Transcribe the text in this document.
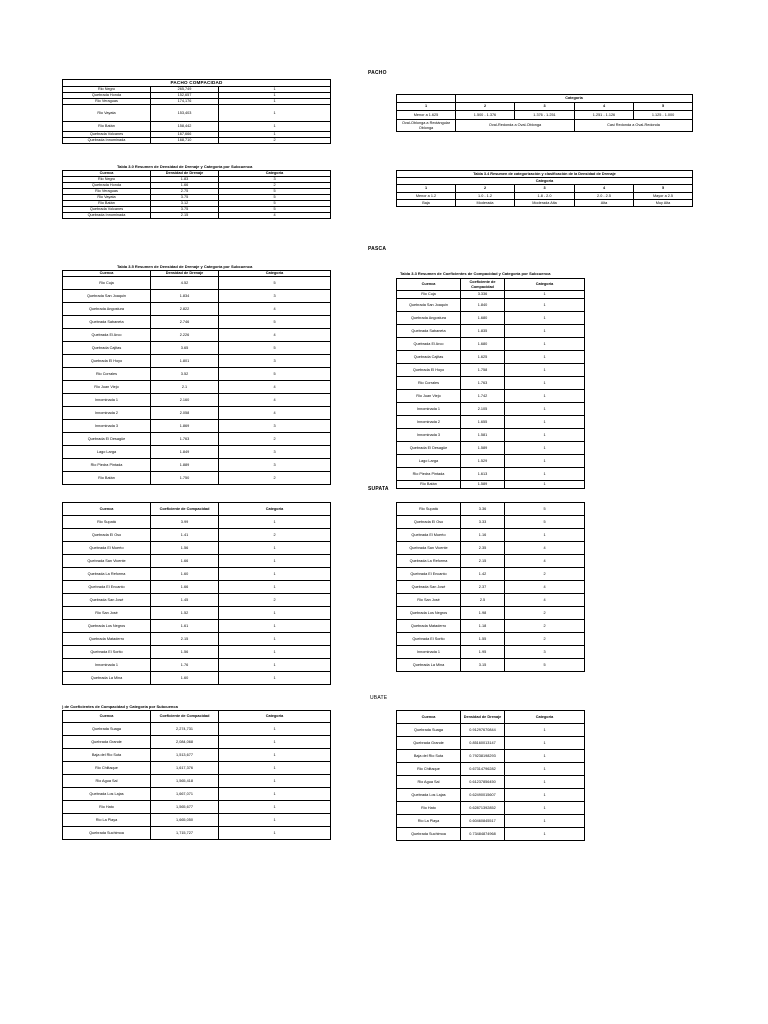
PACHO
PASCA
SUPATA
UBATE
PACHO COMPACIDAD		
Rio Negro	265,749	1
Quebrada Honda	152,657	1
Rio Veraguas	174,176	1
Rio Vayata	153,403	1
Rio Batán	158,442	1
Quebrada Volcanes	167,666	1
Quebrada Innominada	168,710	2
Tabla 3.0 Resumen de Densidad de Drenaje y Categoría por Subcuenca
Cuenca	Densidad de Drenaje	Categoria
Rio Negro	1.83	3
Quebrada Honda	1.66	2
Rio Veraguas	2.75	5
Rio Vayata	3.75	5
Rio Batán	3.12	5
Quebrada Volcanes	3.75	5
Quebrada Innominada	2.15	4
	Categoria			
1	2	3	4	5
Menor a 1.625	1.500 - 1.376	1.376 - 1.251	1.251 - 1.126	1.125 - 1.000
Oval-Oblonga a Rectángular Oblonga	Oval-Redonda a Oval-Oblonga		Casi Redonda a Oval-Redonda	
Tabla 3.4 Resumen de categorización y clasificación de la Densidad de Drenaje				
Categoria				
1	2	3	4	5
Menor a 1.2	1.0 - 1.2	1.8 - 2.0	2.0 - 2.5	Mayor a 2.5
Baja	Moderada	Moderada Alta	Alta	Muy Alta
Tabla 3.5 Resumen de Densidad de Drenaje y Categoría por Subcuenca
Cuenca	Densidad de Drenaje	Categoria
Rio Cuja	4.52	5
Quebrada San Joaquin	1.834	3
Quebrada Angostura	2.822	4
Quebrada Sabaneta	2.746	5
Quebrada El Arco	2.226	4
Quebrada Cajitas	3.65	5
Quebrada El Hoyo	1.801	3
Rio Corrales	3.52	5
Rio Juan Viejo	2.1	4
Innominada 1	2.160	4
Innominada 2	2.058	4
Innominada 3	1.869	3
Quebrada El Desagüe	1.763	2
Lago Larga	1.849	3
Rio Piedra Pintada	1.889	3
Rio Batán	1.750	2
Tabla 3.3 Resumen de Coeficientes de Compacidad y Categoría por Subcuenca
Cuenca	Coeficiente de Compacidad	Categoria
Rio Cuja	3.336	1
Quebrada San Joaquin	1.840	1
Quebrada Angostura	1.680	1
Quebrada Sabaneta	1.835	1
Quebrada El Arco	1.680	1
Quebrada Cajitas	1.625	1
Quebrada El Hoyo	1.758	1
Rio Corrales	1.763	1
Rio Juan Viejo	1.742	1
Innominada 1	2.105	1
Innominada 2	1.655	1
Innominada 3	1.581	1
Quebrada El Desagüe	1.589	1
Lago Larga	1.529	1
Rio Piedra Pintada	1.613	1
Rio Batán	1.589	1
Cuenca	Coeficiente de Compacidad	Categoria
Rio Supatá	3.99	1
Quebrada El Oso	1.41	2
Quebrada El Muerto	1.56	1
Quebrada San Vicente	1.66	1
Quebrada La Reforma	1.60	1
Quebrada El Encanto	1.66	1
Quebrada San José	1.45	2
Rio San José	1.52	1
Quebrada Los Negros	1.61	1
Quebrada Mataderro	2.15	1
Quebrada El Sorito	1.56	1
Innominada 1	1.76	1
Quebrada La Mina	1.60	1
Rio Supatá	3.36	5
Quebrada El Oso	3.33	5
Quebrada El Muerto	1.16	1
Quebrada San Vicente	2.35	4
Quebrada La Reforma	2.15	4
Quebrada El Encanto	1.42	2
Quebrada San José	2.37	4
Rio San José	2.5	4
Quebrada Los Negros	1.98	2
Quebrada Mataderro	1.18	2
Quebrada El Sorito	1.55	2
Innominada 1	1.95	3
Quebrada La Mina	3.15	5
) de Coeficientes de Compacidad y Categoría por Subcuenca
Cuenca	Coeficiente de Compacidad	Categoria
Quebrada Suaga	2,274,731	1
Quebrada Grande	2,084,068	1
Baja del Rio Suta	1,513,677	1
Rio Chiltaque	1,617,376	1
Rio Agua Sal	1,565,418	1
Quebrada Los Lajas	1,667,071	1
Rio Hato	1,565,677	1
Rio La Playa	1,665,050	1
Quebrada Suchimoa	1,715,727	1
Cuenca	Densidad de Drenaje	Categoria
Quebrada Suaga	0.91297670844	1
Quebrada Grande	0.85160013147	1
Baja del Rio Suta	0.79238198293	1
Rio Chiltaque	0.67314796282	1
Rio Agua Sal	0.61237856450	1
Quebrada Los Lajas	0.62490015607	1
Rio Hato	0.62871392852	1
Rio La Playa	0.60460845517	1
Quebrada Suchimoa	0.73484874968	1
